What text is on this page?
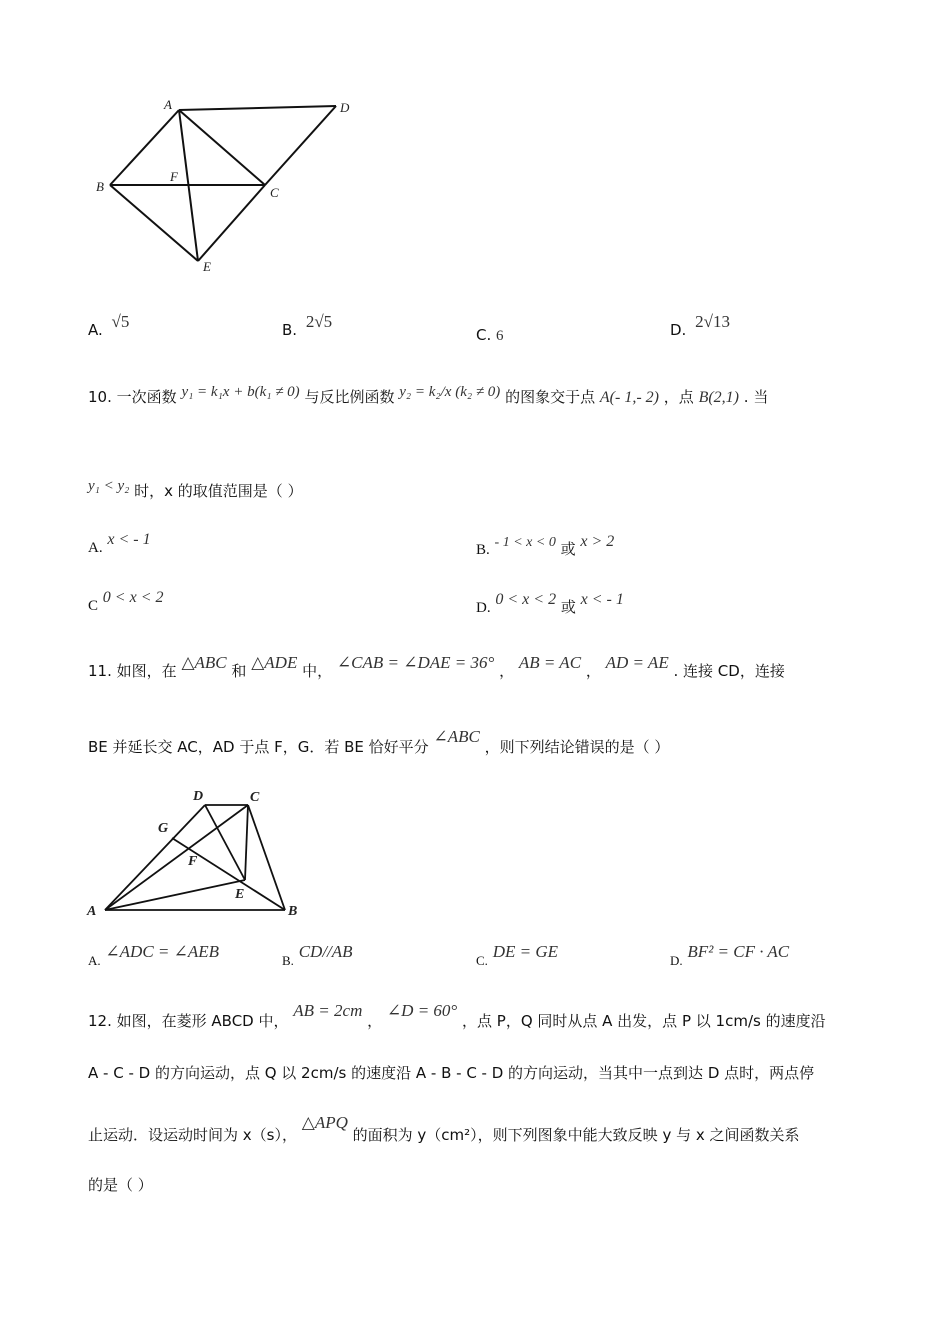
A	D
B
F
C
E
A. √5	B. 2√5
C. 6	D. 2√13
10. 一次函数 y₁ = k₁x + b(k₁ ≠ 0) 与反比例函数 y₂ = k₂/x (k₂ ≠ 0) 的图象交于点 A(- 1,- 2) ，点 B(2,1) . 当
y₁ < y₂ 时，x 的取值范围是（ ）
A. x < - 1
B. - 1 < x < 0 或 x > 2
C 0 < x < 2
D. 0 < x < 2 或 x < - 1
11. 如图，在 △ABC 和 △ADE 中， ∠CAB = ∠DAE = 36° ， AB = AC ， AD = AE . 连接 CD，连接
BE 并延长交 AC，AD 于点 F，G．若 BE 恰好平分 ∠ABC ，则下列结论错误的是（ ）
D	C
G
F
E
A	B
A. ∠ADC = ∠AEB	B. CD//AB	C. DE = GE	D. BF² = CF · AC
12. 如图，在菱形 ABCD 中， AB = 2cm ， ∠D = 60° ，点 P，Q 同时从点 A 出发，点 P 以 1cm/s 的速度沿
A - C - D 的方向运动，点 Q 以 2cm/s 的速度沿 A - B - C - D 的方向运动，当其中一点到达 D 点时，两点停
止运动．设运动时间为 x（s）， △APQ 的面积为 y（cm²），则下列图象中能大致反映 y 与 x 之间函数关系
的是（ ）
